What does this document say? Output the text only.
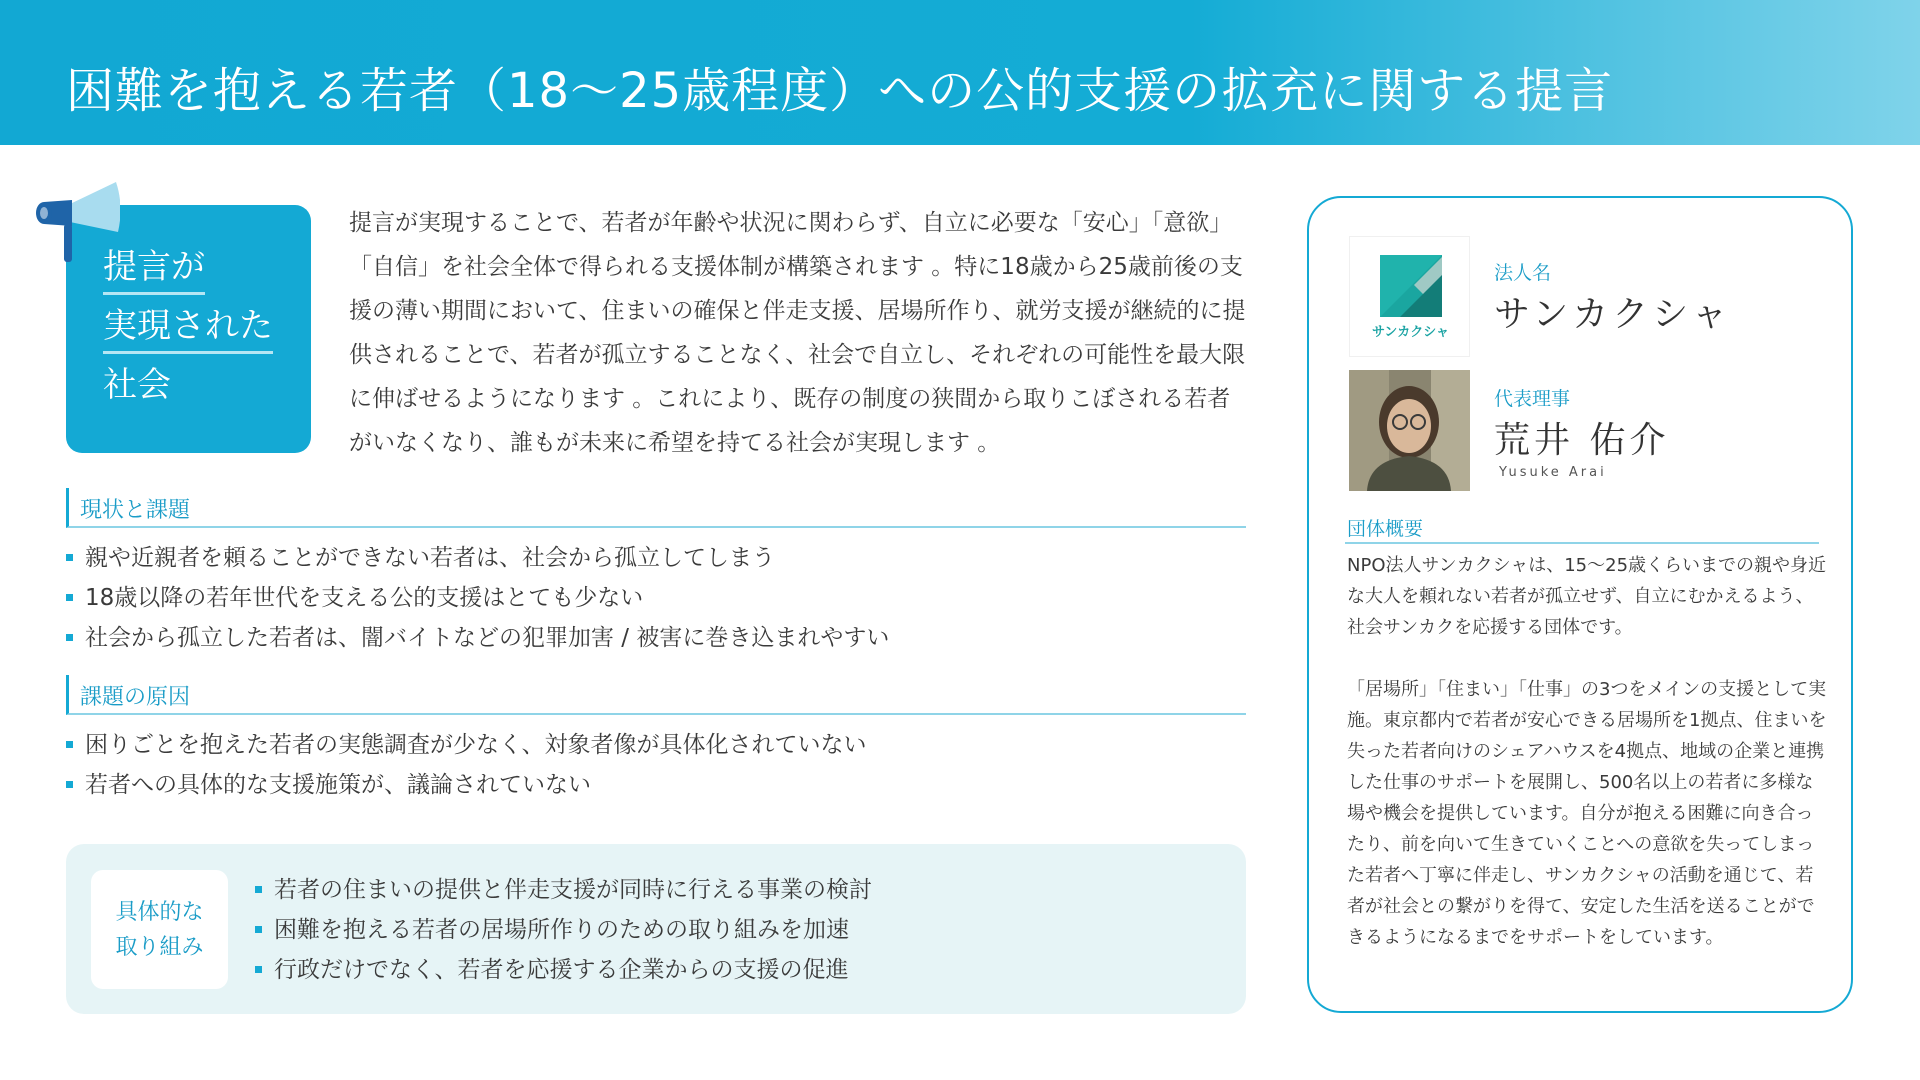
困難を抱える若者（18〜25歳程度）への公的支援の拡充に関する提言
提言が
実現された
社会
提言が実現することで、若者が年齢や状況に関わらず、自立に必要な「安心」「意欲」「自信」を社会全体で得られる支援体制が構築されます 。特に18歳から25歳前後の支援の薄い期間において、住まいの確保と伴走支援、居場所作り、就労支援が継続的に提供されることで、若者が孤立することなく、社会で自立し、それぞれの可能性を最大限に伸ばせるようになります 。これにより、既存の制度の狭間から取りこぼされる若者がいなくなり、誰もが未来に希望を持てる社会が実現します 。
現状と課題
親や近親者を頼ることができない若者は、社会から孤立してしまう
18歳以降の若年世代を支える公的支援はとても少ない
社会から孤立した若者は、闇バイトなどの犯罪加害 / 被害に巻き込まれやすい
課題の原因
困りごとを抱えた若者の実態調査が少なく、対象者像が具体化されていない
若者への具体的な支援施策が、議論されていない
具体的な
取り組み
若者の住まいの提供と伴走支援が同時に行える事業の検討
困難を抱える若者の居場所作りのための取り組みを加速
行政だけでなく、若者を応援する企業からの支援の促進
サンカクシャ
法人名
サンカクシャ
代表理事
荒井 佑介
Yusuke Arai
団体概要

NPO法人サンカクシャは、15〜25歳くらいまでの親や身近な大人を頼れない若者が孤立せず、自立にむかえるよう、社会サンカクを応援する団体です。

「居場所」「住まい」「仕事」の3つをメインの支援として実施。東京都内で若者が安心できる居場所を1拠点、住まいを失った若者向けのシェアハウスを4拠点、地域の企業と連携した仕事のサポートを展開し、500名以上の若者に多様な場や機会を提供しています。自分が抱える困難に向き合ったり、前を向いて生きていくことへの意欲を失ってしまった若者へ丁寧に伴走し、サンカクシャの活動を通じて、若者が社会との繋がりを得て、安定した生活を送ることができるようになるまでをサポートをしています。
